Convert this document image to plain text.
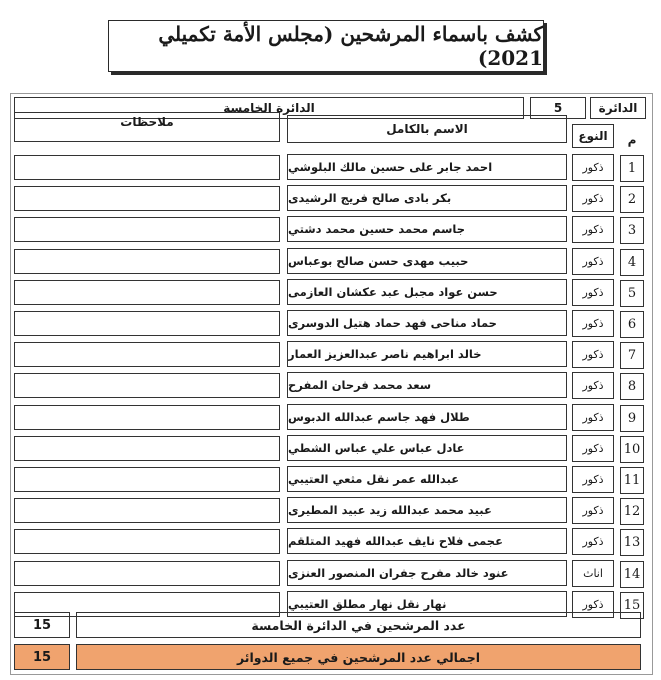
كشف باسماء المرشحين (مجلس الأمة تكميلي 2021)
الدائرة الخامسة	5	الدائرة
ملاحظات	الاسم بالكامل	النوع	م
احمد جابر على حسين مالك البلوشي	ذكور	1
بكر بادى صالح فريج الرشيدى	ذكور	2
جاسم محمد حسين محمد دشتي	ذكور	3
حبيب مهدى حسن صالح بوعباس	ذكور	4
حسن عواد مجبل عبد عكشان العازمى	ذكور	5
حماد مناحى فهد حماد هتيل الدوسرى	ذكور	6
خالد ابراهيم ناصر عبدالعزيز العمار	ذكور	7
سعد محمد فرحان المفرح	ذكور	8
طلال فهد جاسم عبدالله الدبوس	ذكور	9
عادل عباس علي عباس الشطي	ذكور	10
عبدالله عمر نقل مثعي العتيبي	ذكور	11
عبيد محمد عبدالله زيد عبيد المطيرى	ذكور	12
عجمى فلاح نايف عبدالله فهيد المتلقم	ذكور	13
عنود خالد مفرح جفران المنصور العنزى	اناث	14
نهار نقل نهار مطلق العتيبي	ذكور	15
15	عدد المرشحين في الدائرة الخامسة
15	اجمالي عدد المرشحين في جميع الدوائر
